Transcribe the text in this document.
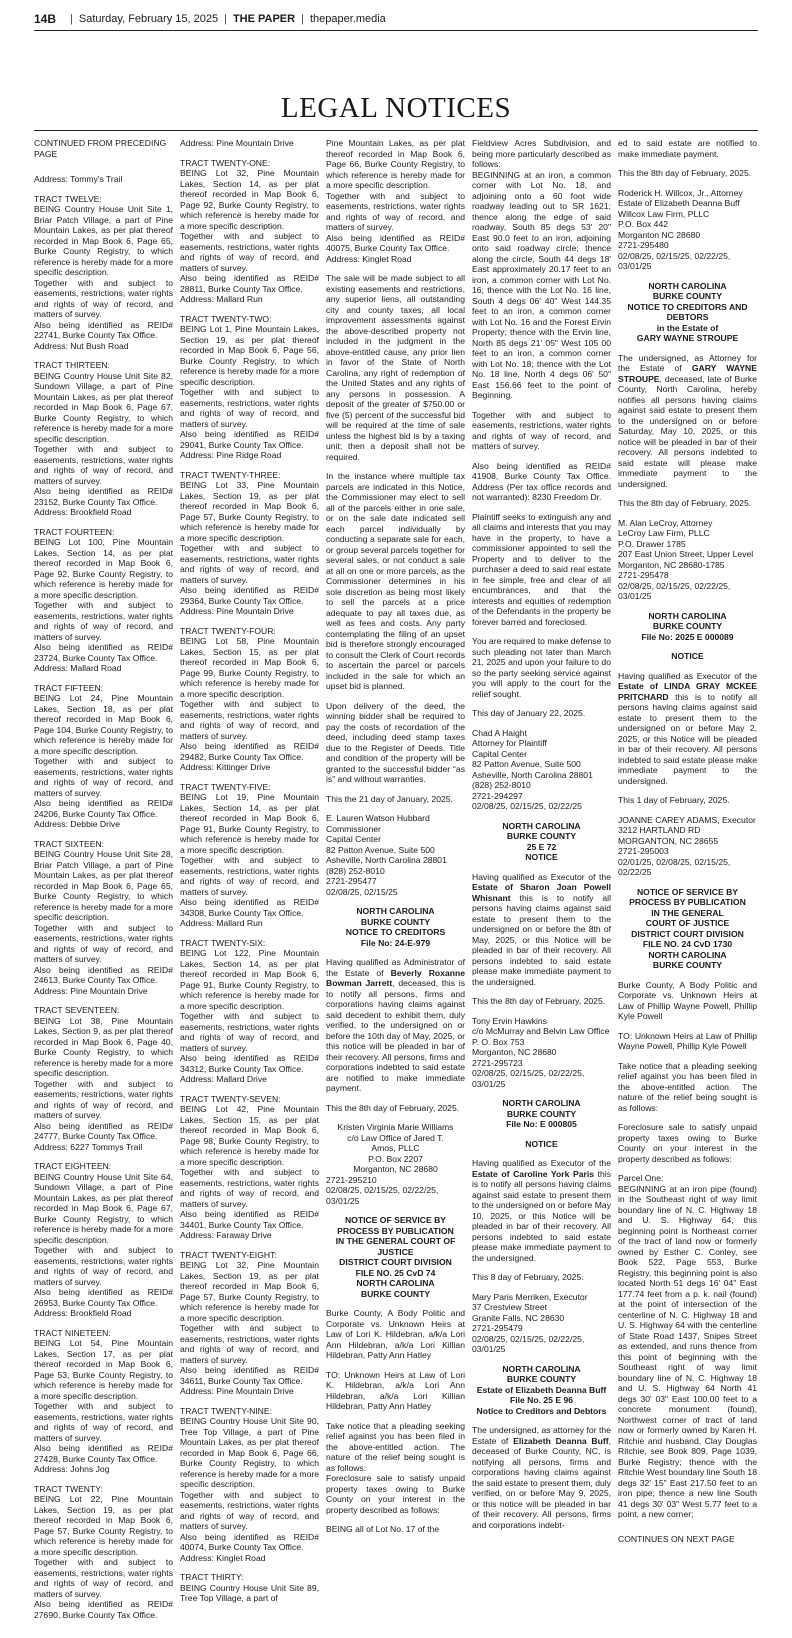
14B | Saturday, February 15, 2025 | THE PAPER | thepaper.media
LEGAL NOTICES
CONTINUED FROM PRECEDING PAGE
Address: Tommy's Trail
TRACT TWELVE:
BEING Country House Unit Site 1, Briar Patch Village, a part of Pine Mountain Lakes, as per plat thereof recorded in Map Book 6, Page 65, Burke County Registry, to which reference is hereby made for a more specific description.
Together with and subject to easements, restrictions, water rights and rights of way of record, and matters of survey.
Also being identified as REID# 22741, Burke County Tax Office.
Address: Nut Bush Road
TRACT THIRTEEN:
BEING Country House Unit Site 82, Sundown Village, a part of Pine Mountain Lakes, as per plat thereof recorded in Map Book 6, Page 67, Burke County Registry, to which reference is hereby made for a more specific description.
Together with and subject to easements, restrictions, water rights and rights of way of record, and matters of survey.
Also being identified as REID# 23152, Burke County Tax Office.
Address: Brookfield Road
TRACT FOURTEEN:
BEING Lot 100, Pine Mountain Lakes, Section 14, as per plat thereof recorded in Map Book 6, Page 92, Burke County Registry, to which reference is hereby made for a more specific description.
Together with and subject to easements, restrictions, water rights and rights of way of record, and matters of survey.
Also being identified as REID# 23724, Burke County Tax Office.
Address: Mallard Road
TRACT FIFTEEN:
BEING Lot 24, Pine Mountain Lakes, Section 18, as per plat thereof recorded in Map Book 6, Page 104, Burke County Registry, to which reference is hereby made for a more specific description.
Together with and subject to easements, restrictions, water rights and rights of way of record, and matters of survey.
Also being identified as REID# 24206, Burke County Tax Office.
Address: Debbie Drive
TRACT SIXTEEN:
BEING Country House Unit Site 28, Briar Patch Village, a part of Pine Mountain Lakes, as per plat thereof recorded in Map Book 6, Page 65, Burke County Registry, to which reference is hereby made for a more specific description.
Together with and subject to easements, restrictions, water rights and rights of way of record, and matters of survey.
Also being identified as REID# 24613, Burke County Tax Office.
Address: Pine Mountain Drive
TRACT SEVENTEEN:
BEING Lot 38, Pine Mountain Lakes, Section 9, as per plat thereof recorded in Map Book 6, Page 40, Burke County Registry, to which reference is hereby made for a more specific description.
Together with and subject to easements, restrictions, water rights and rights of way of record, and matters of survey.
Also being identified as REID# 24777, Burke County Tax Office.
Address: 6227 Tommys Trail
TRACT EIGHTEEN:
BEING Country House Unit Site 64, Sundown Village, a part of Pine Mountain Lakes, as per plat thereof recorded in Map Book 6, Page 67, Burke County Registry, to which reference is hereby made for a more specific description.
Together with and subject to easements, restrictions, water rights and rights of way of record, and matters of survey.
Also being identified as REID# 26953, Burke County Tax Office.
Address: Brookfield Road
TRACT NINETEEN:
BEING Lot 54, Pine Mountain Lakes, Section 17, as per plat thereof recorded in Map Book 6, Page 53, Burke County Registry, to which reference is hereby made for a more specific description.
Together with and subject to easements, restrictions, water rights and rights of way of record, and matters of survey.
Also being identified as REID# 27428, Burke County Tax Office.
Address: Johns Jog
TRACT TWENTY:
BEING Lot 22, Pine Mountain Lakes, Section 19, as per plat thereof recorded in Map Book 6, Page 57, Burke County Registry, to which reference is hereby made for a more specific description.
Together with and subject to easements, restrictions, water rights and rights of way of record, and matters of survey.
Also being identified as REID# 27690, Burke County Tax Office.
Address: Pine Mountain Drive
TRACT TWENTY-ONE:
BEING Lot 32, Pine Mountain Lakes, Section 14, as per plat thereof recorded in Map Book 6, Page 92, Burke County Registry, to which reference is hereby made for a more specific description.
Together with and subject to easements, restrictions, water rights and rights of way of record, and matters of survey.
Also being identified as REID# 28811, Burke County Tax Office.
Address: Mallard Run
TRACT TWENTY-TWO:
BEING Lot 1, Pine Mountain Lakes, Section 19, as per plat thereof recorded in Map Book 6, Page 56, Burke County Registry, to which reference is hereby made for a more specific description.
Together with and subject to easements, restrictions, water rights and rights of way of record, and matters of survey.
Also being identified as REID# 29041, Burke County Tax Office.
Address: Pine Ridge Road
TRACT TWENTY-THREE:
BEING Lot 33, Pine Mountain Lakes, Section 19, as per plat thereof recorded in Map Book 6, Page 57, Burke County Registry, to which reference is hereby made for a more specific description.
Together with and subject to easements, restrictions, water rights and rights of way of record, and matters of survey.
Also being identified as REID# 29364, Burke County Tax Office.
Address: Pine Mountain Drive
TRACT TWENTY-FOUR:
BEING Lot 58, Pine Mountain Lakes, Section 15, as per plat thereof recorded in Map Book 6, Page 99, Burke County Registry, to which reference is hereby made for a more specific description.
Together with and subject to easements, restrictions, water rights and rights of way of record, and matters of survey.
Also being identified as REID# 29482, Burke County Tax Office.
Address: Kittinger Drive
TRACT TWENTY-FIVE:
BEING Lot 19, Pine Mountain Lakes, Section 14, as per plat thereof recorded in Map Book 6, Page 91, Burke County Registry, to which reference is hereby made for a more specific description.
Together with and subject to easements, restrictions, water rights and rights of way of record, and matters of survey.
Also being identified as REID# 34308, Burke County Tax Office.
Address: Mallard Run
TRACT TWENTY-SIX:
BEING Lot 122, Pine Mountain Lakes, Section 14, as per plat thereof recorded in Map Book 6, Page 91, Burke County Registry, to which reference is hereby made for a more specific description.
Together with and subject to easements, restrictions, water rights and rights of way of record, and matters of survey.
Also being identified as REID# 34312, Burke County Tax Office.
Address: Mallard Drive
TRACT TWENTY-SEVEN:
BEING Lot 42, Pine Mountain Lakes, Section 15, as per plat thereof recorded in Map Book 6, Page 98, Burke County Registry, to which reference is hereby made for a more specific description.
Together with and subject to easements, restrictions, water rights and rights of way of record, and matters of survey.
Also being identified as REID# 34401, Burke County Tax Office.
Address: Faraway Drive
TRACT TWENTY-EIGHT:
BEING Lot 32, Pine Mountain Lakes, Section 19, as per plat thereof recorded in Map Book 6, Page 57, Burke County Registry, to which reference is hereby made for a more specific description.
Together with and subject to easements, restrictions, water rights and rights of way of record, and matters of survey.
Also being identified as REID# 34611, Burke County Tax Office.
Address: Pine Mountain Drive
TRACT TWENTY-NINE:
BEING Country House Unit Site 90, Tree Top Village, a part of Pine Mountain Lakes, as per plat thereof recorded in Map Book 6, Page 66, Burke County Registry, to which reference is hereby made for a more specific description.
Together with and subject to easements, restrictions, water rights and rights of way of record, and matters of survey.
Also being identified as REID# 40074, Burke County Tax Office.
Address: Kinglet Road
TRACT THIRTY:
BEING Country House Unit Site 89, Tree Top Village, a part of
Pine Mountain Lakes, as per plat thereof recorded in Map Book 6, Page 66, Burke County Registry, to which reference is hereby made for a more specific description.
Together with and subject to easements, restrictions, water rights and rights of way of record, and matters of survey.
Also being identified as REID# 40075, Burke County Tax Office.
Address: Kinglet Road
The sale will be made subject to all existing easements and restrictions, any superior liens, all outstanding city and county taxes, all local improvement assessments against the above-described property not included in the judgment in the above-entitled cause, any prior lien in favor of the State of North Carolina, any right of redemption of the United States and any rights of any persons in possession. A deposit of the greater of $750.00 or five (5) percent of the successful bid will be required at the time of sale unless the highest bid is by a taxing unit; then a deposit shall not be required.
In the instance where multiple tax parcels are indicated in this Notice, the Commissioner may elect to sell all of the parcels either in one sale, or on the sale date indicated sell each parcel individually by conducting a separate sale for each, or group several parcels together for several sales, or not conduct a sale at all on one or more parcels, as the Commissioner determines in his sole discretion as being most likely to sell the parcels at a price adequate to pay all taxes due, as well as fees and costs. Any party contemplating the filing of an upset bid is therefore strongly encouraged to consult the Clerk of Court records to ascertain the parcel or parcels included in the sale for which an upset bid is planned.
Upon delivery of the deed, the winning bidder shall be required to pay the costs of recordation of the deed, including deed stamp taxes due to the Register of Deeds. Title and condition of the property will be granted to the successful bidder “as is” and without warranties.
This the 21 day of January, 2025.
E. Lauren Watson Hubbard
Commissioner
Capital Center
82 Patton Avenue, Suite 500
Asheville, North Carolina 28801
(828) 252-8010
2721-295477
02/08/25, 02/15/25
NORTH CAROLINA
BURKE COUNTY
NOTICE TO CREDITORS
File No: 24-E-979
Having qualified as Administrator of the Estate of Beverly Roxanne Bowman Jarrett, deceased, this is to notify all persons, firms and corporations having claims against said decedent to exhibit them, duly verified, to the undersigned on or before the 10th day of May, 2025, or this notice will be pleaded in bar of their recovery. All persons, firms and corporations indebted to said estate are notified to make immediate payment.
This the 8th day of February, 2025.
Kristen Virginia Marie Williams
c/o Law Office of Jared T.
Amos, PLLC
P.O. Box 2207
Morganton, NC 28680
2721-295210
02/08/25, 02/15/25, 02/22/25, 03/01/25
NOTICE OF SERVICE BY
PROCESS BY PUBLICATION
IN THE GENERAL COURT OF
JUSTICE
DISTRICT COURT DIVISION
FILE NO. 25 CvD 74
NORTH CAROLINA
BURKE COUNTY
Burke County, A Body Politic and Corporate vs. Unknown Heirs at Law of Lori K. Hildebran, a/k/a Lori Ann Hildebran, a/k/a Lori Killian Hildebran, Patty Ann Hatley
TO: Unknown Heirs at Law of Lori K. Hildebran, a/k/a Lori Ann Hildebran, a/k/a Lori Killian Hildebran, Patty Ann Hatley
Take notice that a pleading seeking relief against you has been filed in the above-entitled action. The nature of the relief being sought is as follows:
Foreclosure sale to satisfy unpaid property taxes owing to Burke County on your interest in the property described as follows:
BEING all of Lot No. 17 of the
Fieldview Acres Subdivision, and being more particularly described as follows:
BEGINNING at an iron, a common corner with Lot No. 18, and adjoining onto a 60 foot wide roadway leading out to SR 1621; thence along the edge of said roadway, South 85 degs 53' 20" East 90.0 feet to an iron, adjoining onto said roadway circle; thence along the circle, South 44 degs 18' East approximately 20.17 feet to an iron, a common corner with Lot No. 16; thence with the Lot No. 16 line, South 4 degs 06' 40" West 144.35 feet to an iron, a common corner with Lot No. 16 and the Forest Ervin Property; thence with the Ervin line, North 85 degs 21' 05" West 105 00 feet to an iron, a common corner with Lot No. 18; thence with the Lot No. 18 line, North 4 degs 06' 50" East 156.66 feet to the point of Beginning.
Together with and subject to easements, restrictions, water rights and rights of way of record, and matters of survey.
Also being identified as REID# 41908, Burke County Tax Office. Address (Per tax office records and not warranted): 8230 Freedom Dr.
Plaintiff seeks to extinguish any and all claims and interests that you may have in the property, to have a commissioner appointed to sell the Property and to deliver to the purchaser a deed to said real estate in fee simple, free and clear of all encumbrances, and that the interests and equities of redemption of the Defendants in the property be forever barred and foreclosed.
You are required to make defense to such pleading not later than March 21, 2025 and upon your failure to do so the party seeking service against you will apply to the court for the relief sought.
This day of January 22, 2025.
Chad A Haight
Attorney for Plaintiff
Capital Center
82 Patton Avenue, Suite 500
Asheville, North Carolina 28801
(828) 252-8010
2721-294297
02/08/25, 02/15/25, 02/22/25
NORTH CAROLINA
BURKE COUNTY
25 E 72
NOTICE
Having qualified as Executor of the Estate of Sharon Joan Powell Whisnant this is to notify all persons having claims against said estate to present them to the undersigned on or before the 8th of May, 2025, or this Notice will be pleaded in bar of their recovery. All persons indebted to said estate please make immediate payment to the undersigned.
This the 8th day of February, 2025.
Tony Ervin Hawkins
c/o McMurray and Belvin Law Office
P. O. Box 753
Morganton, NC 28680
2721-295723
02/08/25, 02/15/25, 02/22/25, 03/01/25
NORTH CAROLINA
BURKE COUNTY
File No: E 000805
NOTICE
Having qualified as Executor of the Estate of Caroline York Paris this is to notify all persons having claims against said estate to present them to the undersigned on or before May 10, 2025, or this Notice will be pleaded in bar of their recovery. All persons indebted to said estate please make immediate payment to the undersigned.
This 8 day of February, 2025.
Mary Paris Merriken, Executor
37 Crestview Street
Granite Falls, NC 28630
2721-295479
02/08/25, 02/15/25, 02/22/25, 03/01/25
NORTH CAROLINA
BURKE COUNTY
Estate of Elizabeth Deanna Buff
File No. 25 E 96
Notice to Creditors and Debtors
The undersigned, as attorney for the Estate of Elizabeth Deanna Buff, deceased of Burke County, NC, is notifying all persons, firms and corporations having claims against the said estate to present them, duly verified, on or before May 9, 2025, or this notice will be pleaded in bar of their recovery. All persons, firms and corporations indebt-
ed to said estate are notified to make immediate payment.
This the 8th day of February, 2025.
Roderick H. Willcox, Jr., Attorney
Estate of Elizabeth Deanna Buff
Willcox Law Firm, PLLC
P.O. Box 442
Morganton NC 28680
2721-295480
02/08/25, 02/15/25, 02/22/25, 03/01/25
NORTH CAROLINA
BURKE COUNTY
NOTICE TO CREDITORS AND
DEBTORS
in the Estate of
GARY WAYNE STROUPE
The undersigned, as Attorney for the Estate of GARY WAYNE STROUPE, deceased, late of Burke County, North Carolina, hereby notifies all persons having claims against said estate to present them to the undersigned on or before Saturday, May 10, 2025, or this notice will be pleaded in bar of their recovery. All persons indebted to said estate will please make immediate payment to the undersigned.
This the 8th day of February, 2025.
M. Alan LeCroy, Attorney
LeCroy Law Firm, PLLC
P.O. Drawer 1785
207 East Union Street, Upper Level
Morganton, NC 28680-1785
2721-295478
02/08/25, 02/15/25, 02/22/25, 03/01/25
NORTH CAROLINA
BURKE COUNTY
File No: 2025 E 000089
NOTICE
Having qualified as Executor of the Estate of LINDA GRAY MCKEE PRITCHARD this is to notify all persons having claims against said estate to present them to the undersigned on or before May 2, 2025, or this Notice will be pleaded in bar of their recovery. All persons indebted to said estate please make immediate payment to the undersigned.
This 1 day of February, 2025.
JOANNE CAREY ADAMS, Executor
3212 HARTLAND RD
MORGANTON, NC 28655
2721-295003
02/01/25, 02/08/25, 02/15/25, 02/22/25
NOTICE OF SERVICE BY
PROCESS BY PUBLICATION
IN THE GENERAL
COURT OF JUSTICE
DISTRICT COURT DIVISION
FILE NO. 24 CvD 1730
NORTH CAROLINA
BURKE COUNTY
Burke County, A Body Politic and Corporate vs. Unknown Heirs at Law of Phillip Wayne Powell, Phillip Kyle Powell
TO: Unknown Heirs at Law of Phillip Wayne Powell, Phillip Kyle Powell
Take notice that a pleading seeking relief against you has been filed in the above-entitled action. The nature of the relief being sought is as follows:
Foreclosure sale to satisfy unpaid property taxes owing to Burke County on your interest in the property described as follows:
Parcel One:
BEGINNING at an iron pipe (found) in the Southeast right of way limit boundary line of N. C. Highway 18 and U. S. Highway 64, this beginning point is Northeast corner of the tract of land now or formerly owned by Esther C. Conley, see Book 522, Page 553, Burke Registry, this beginning point is also located North 51 degs 16' 04" East 177.74 feet from a p. k. nail (found) at the point of intersection of the centerline of N. C. Highway 18 and U. S. Highway 64 with the centerline of State Road 1437, Snipes Street as extended, and runs thence from this point of beginning with the Southeast right of way limit boundary line of N. C. Highway 18 and U. S. Highway 64 North 41 degs 30' 03" East 100.00 feet to a concrete monument (found), Northwest corner of tract of land now or formerly owned by Karen H. Ritchie and husband, Clay Douglas Ritchie, see Book 809, Page 1039, Burke Registry; thence with the Ritchie West boundary line South 18 degs 32' 15" East 217.50 feet to an iron pipe; thence a new line South 41 degs 30' 03" West 5.77 feet to a point, a new corner;
CONTINUES ON NEXT PAGE
